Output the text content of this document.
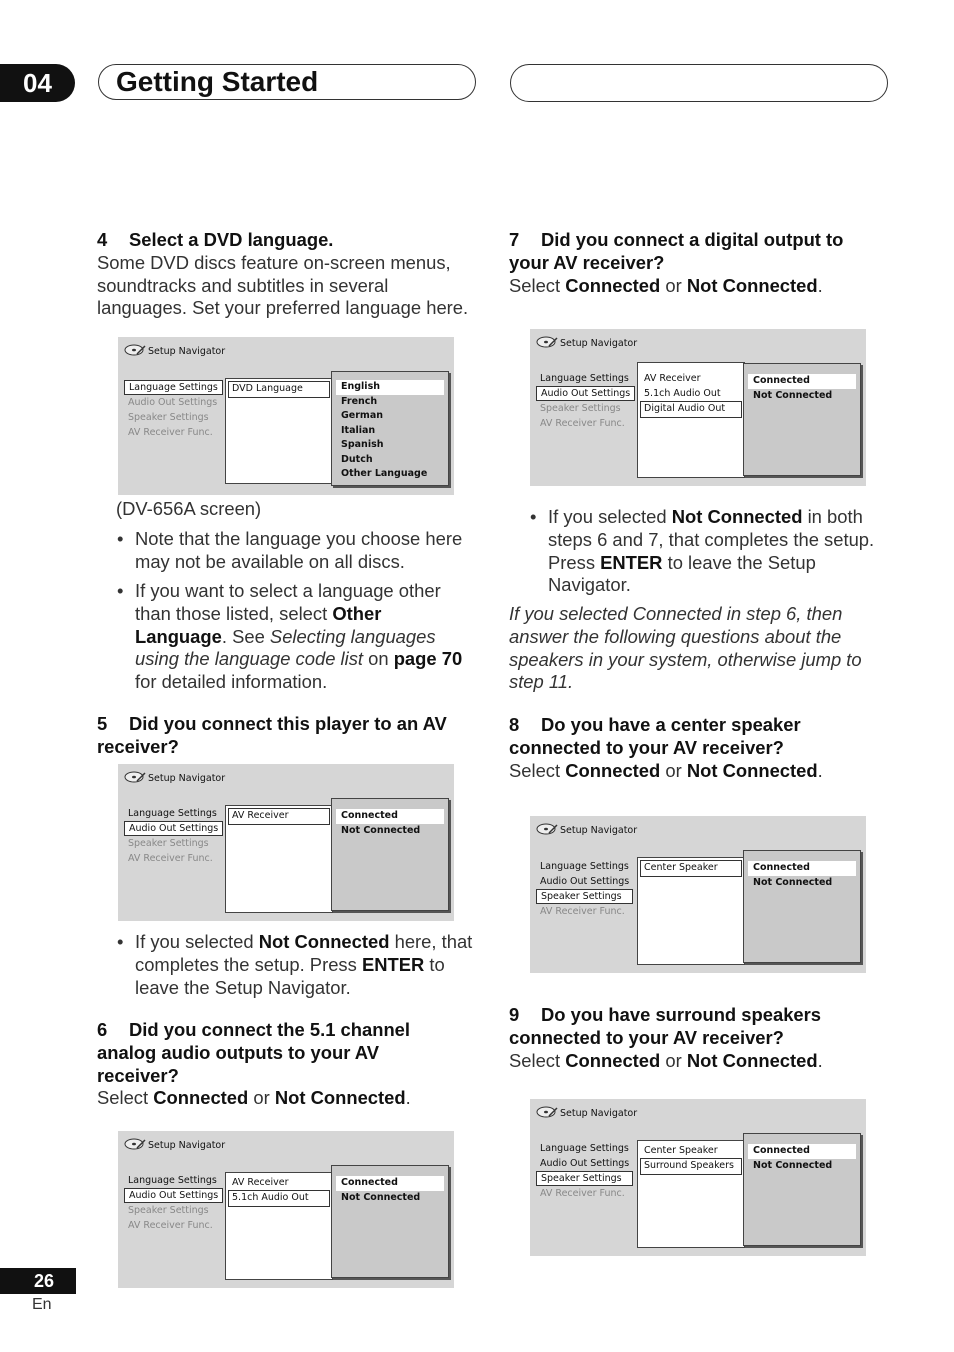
04	Getting Started
4 Select a DVD language.
Some DVD discs feature on-screen menus, soundtracks and subtitles in several languages. Set your preferred language here.
Setup Navigator
Language Settings
Audio Out Settings
Speaker Settings
AV Receiver Func.
DVD Language	English
French
German
Italian
Spanish
Dutch
Other Language
(DV-656A screen)
• Note that the language you choose here may not be available on all discs.
• If you want to select a language other than those listed, select Other Language. See Selecting languages using the language code list on page 70 for detailed information.
5 Did you connect this player to an AV receiver?
Setup Navigator
Language Settings
Audio Out Settings
Speaker Settings
AV Receiver Func.
AV Receiver	Connected
Not Connected
• If you selected Not Connected here, that completes the setup. Press ENTER to leave the Setup Navigator.
6 Did you connect the 5.1 channel analog audio outputs to your AV receiver?
Select Connected or Not Connected.
Setup Navigator
Language Settings
Audio Out Settings
Speaker Settings
AV Receiver Func.
AV Receiver
5.1ch Audio Out
Connected
Not Connected
7 Did you connect a digital output to your AV receiver?
Select Connected or Not Connected.
Setup Navigator
Language Settings
Audio Out Settings
Speaker Settings
AV Receiver Func.
AV Receiver
5.1ch Audio Out
Digital Audio Out
Connected
Not Connected
• If you selected Not Connected in both steps 6 and 7, that completes the setup. Press ENTER to leave the Setup Navigator.
If you selected Connected in step 6, then answer the following questions about the speakers in your system, otherwise jump to step 11.
8 Do you have a center speaker connected to your AV receiver?
Select Connected or Not Connected.
Setup Navigator
Language Settings
Audio Out Settings
Speaker Settings
AV Receiver Func.
Center Speaker	Connected
Not Connected
9 Do you have surround speakers connected to your AV receiver?
Select Connected or Not Connected.
Setup Navigator
Language Settings
Audio Out Settings
Speaker Settings
AV Receiver Func.
Center Speaker
Surround Speakers
Connected
Not Connected
26
En
